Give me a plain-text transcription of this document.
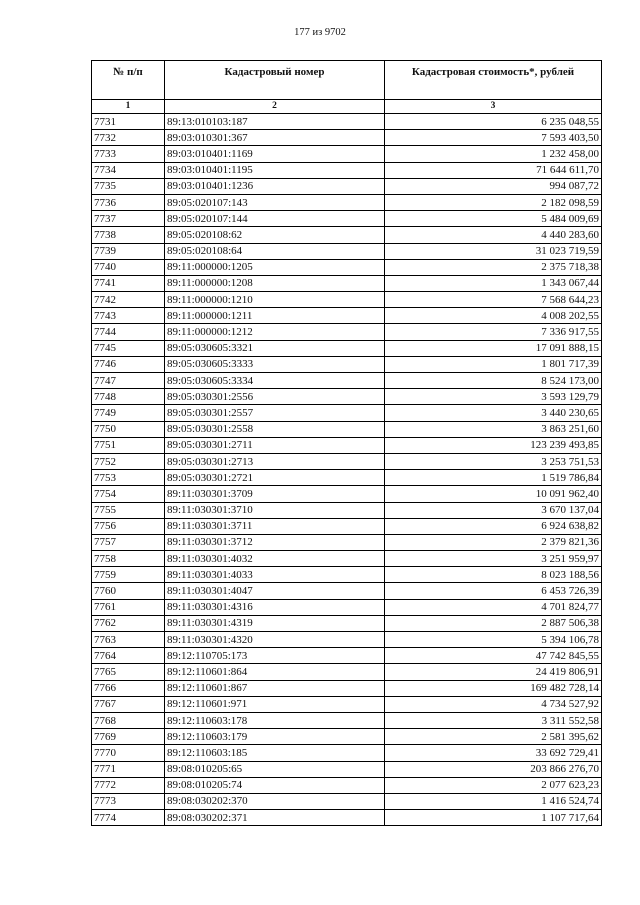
177 из 9702
№ п/п	Кадастровый номер	Кадастровая стоимость*, рублей
1	2	3
7731	89:13:010103:187	6 235 048,55
7732	89:03:010301:367	7 593 403,50
7733	89:03:010401:1169	1 232 458,00
7734	89:03:010401:1195	71 644 611,70
7735	89:03:010401:1236	994 087,72
7736	89:05:020107:143	2 182 098,59
7737	89:05:020107:144	5 484 009,69
7738	89:05:020108:62	4 440 283,60
7739	89:05:020108:64	31 023 719,59
7740	89:11:000000:1205	2 375 718,38
7741	89:11:000000:1208	1 343 067,44
7742	89:11:000000:1210	7 568 644,23
7743	89:11:000000:1211	4 008 202,55
7744	89:11:000000:1212	7 336 917,55
7745	89:05:030605:3321	17 091 888,15
7746	89:05:030605:3333	1 801 717,39
7747	89:05:030605:3334	8 524 173,00
7748	89:05:030301:2556	3 593 129,79
7749	89:05:030301:2557	3 440 230,65
7750	89:05:030301:2558	3 863 251,60
7751	89:05:030301:2711	123 239 493,85
7752	89:05:030301:2713	3 253 751,53
7753	89:05:030301:2721	1 519 786,84
7754	89:11:030301:3709	10 091 962,40
7755	89:11:030301:3710	3 670 137,04
7756	89:11:030301:3711	6 924 638,82
7757	89:11:030301:3712	2 379 821,36
7758	89:11:030301:4032	3 251 959,97
7759	89:11:030301:4033	8 023 188,56
7760	89:11:030301:4047	6 453 726,39
7761	89:11:030301:4316	4 701 824,77
7762	89:11:030301:4319	2 887 506,38
7763	89:11:030301:4320	5 394 106,78
7764	89:12:110705:173	47 742 845,55
7765	89:12:110601:864	24 419 806,91
7766	89:12:110601:867	169 482 728,14
7767	89:12:110601:971	4 734 527,92
7768	89:12:110603:178	3 311 552,58
7769	89:12:110603:179	2 581 395,62
7770	89:12:110603:185	33 692 729,41
7771	89:08:010205:65	203 866 276,70
7772	89:08:010205:74	2 077 623,23
7773	89:08:030202:370	1 416 524,74
7774	89:08:030202:371	1 107 717,64
